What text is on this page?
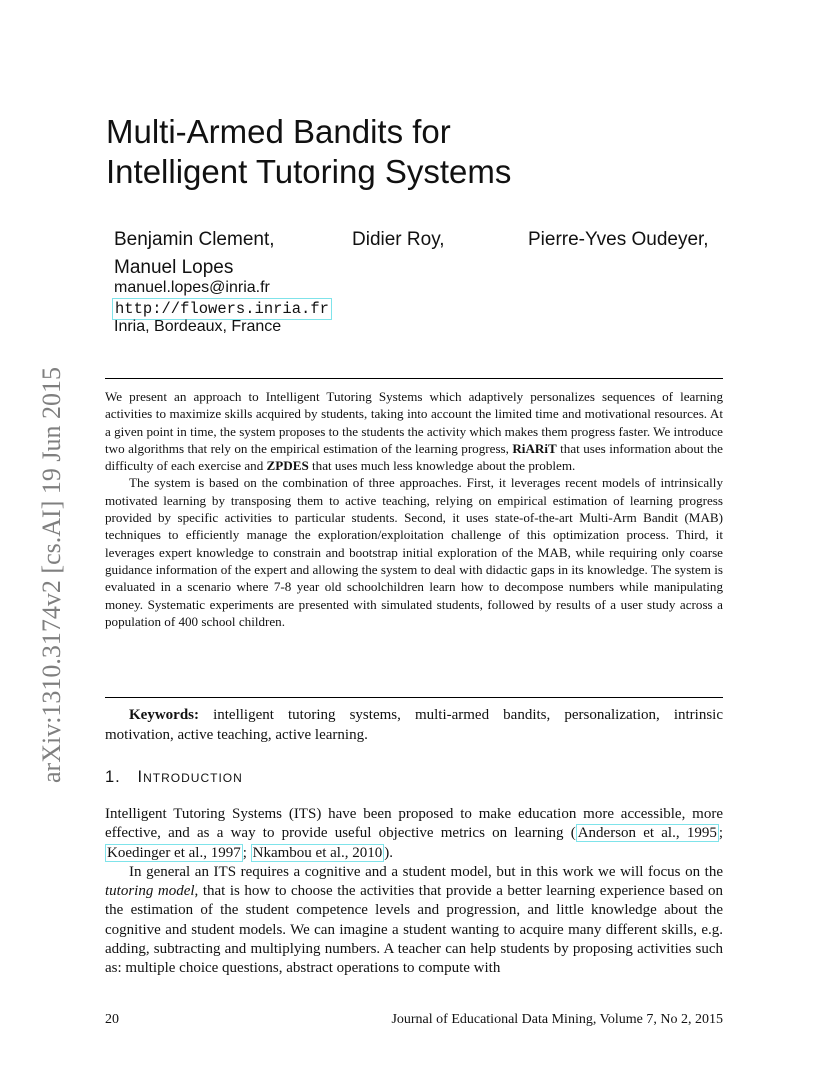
arXiv:1310.3174v2 [cs.AI] 19 Jun 2015
Multi-Armed Bandits for
Intelligent Tutoring Systems
Benjamin Clement,	Didier Roy,	Pierre-Yves Oudeyer,
Manuel Lopes
manuel.lopes@inria.fr
http://flowers.inria.fr
Inria, Bordeaux, France

We present an approach to Intelligent Tutoring Systems which adaptively personalizes sequences of learning activities to maximize skills acquired by students, taking into account the limited time and motivational resources. At a given point in time, the system proposes to the students the activity which makes them progress faster. We introduce two algorithms that rely on the empirical estimation of the learning progress, RiARiT that uses information about the difficulty of each exercise and ZPDES that uses much less knowledge about the problem.

The system is based on the combination of three approaches. First, it leverages recent models of intrinsically motivated learning by transposing them to active teaching, relying on empirical estimation of learning progress provided by specific activities to particular students. Second, it uses state-of-the-art Multi-Arm Bandit (MAB) techniques to efficiently manage the exploration/exploitation challenge of this optimization process. Third, it leverages expert knowledge to constrain and bootstrap initial exploration of the MAB, while requiring only coarse guidance information of the expert and allowing the system to deal with didactic gaps in its knowledge. The system is evaluated in a scenario where 7-8 year old schoolchildren learn how to decompose numbers while manipulating money. Systematic experiments are presented with simulated students, followed by results of a user study across a population of 400 school children.

Keywords: intelligent tutoring systems, multi-armed bandits, personalization, intrinsic motivation, active teaching, active learning.

1. Introduction

Intelligent Tutoring Systems (ITS) have been proposed to make education more accessible, more effective, and as a way to provide useful objective metrics on learning ( Anderson et al., 1995 ; Koedinger et al., 1997 ; Nkambou et al., 2010 ).

In general an ITS requires a cognitive and a student model, but in this work we will focus on the tutoring model, that is how to choose the activities that provide a better learning experience based on the estimation of the student competence levels and progression, and little knowledge about the cognitive and student models. We can imagine a student wanting to acquire many different skills, e.g. adding, subtracting and multiplying numbers. A teacher can help students by proposing activities such as: multiple choice questions, abstract operations to compute with

20	Journal of Educational Data Mining, Volume 7, No 2, 2015
